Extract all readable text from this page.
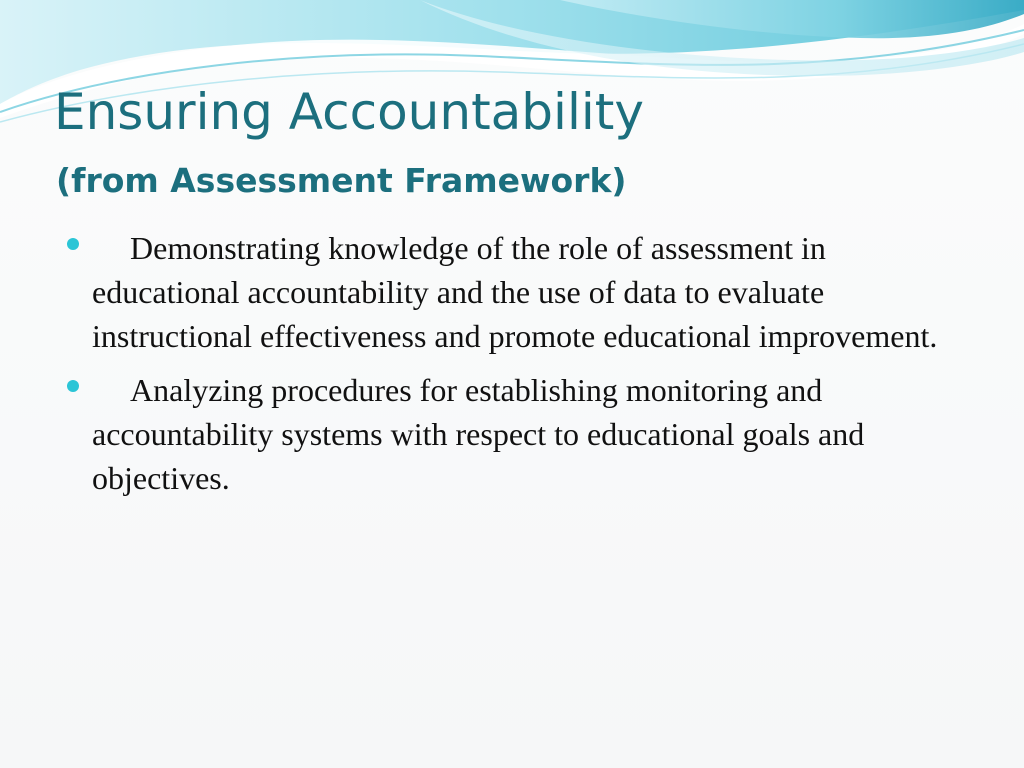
Ensuring Accountability
(from Assessment Framework)

Demonstrating knowledge of the role of assessment in educational accountability and the use of data to evaluate instructional effectiveness and promote educational improvement.

Analyzing procedures for establishing monitoring and accountability systems with respect to educational goals and objectives.
